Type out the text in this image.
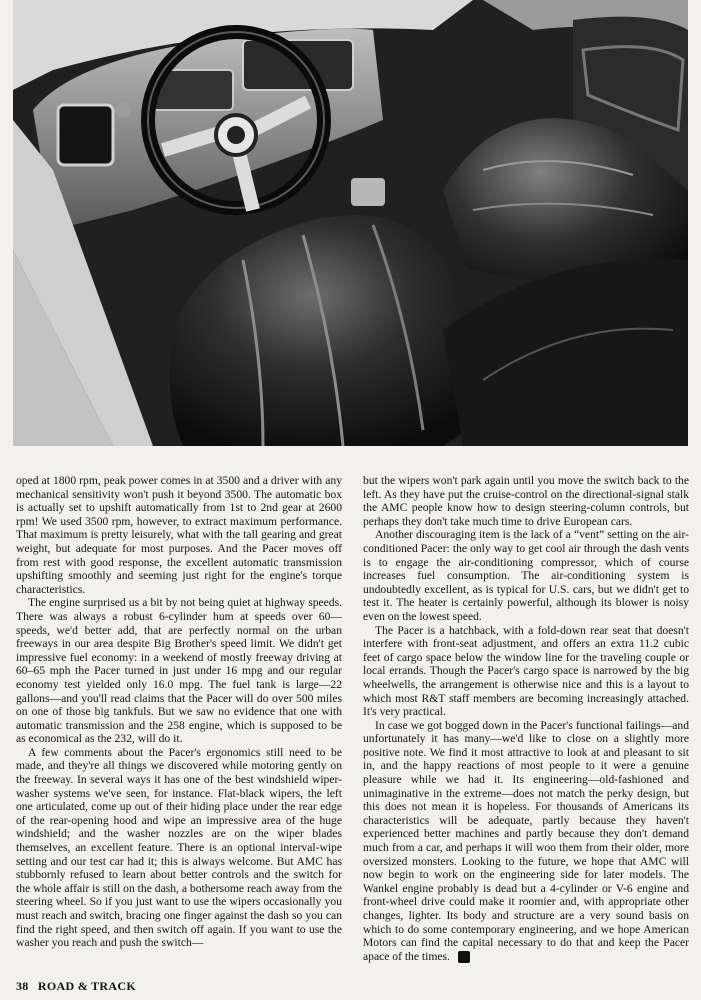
oped at 1800 rpm, peak power comes in at 3500 and a driver with any mechanical sensitivity won't push it beyond 3500. The automatic box is actually set to upshift automatically from 1st to 2nd gear at 2600 rpm! We used 3500 rpm, however, to extract maximum performance. That maximum is pretty leisurely, what with the tall gearing and great weight, but adequate for most purposes. And the Pacer moves off from rest with good response, the excellent automatic transmission upshifting smoothly and seeming just right for the engine's torque characteristics.

The engine surprised us a bit by not being quiet at highway speeds. There was always a robust 6-cylinder hum at speeds over 60— speeds, we'd better add, that are perfectly normal on the urban freeways in our area despite Big Brother's speed limit. We didn't get impressive fuel economy: in a weekend of mostly freeway driving at 60–65 mph the Pacer turned in just under 16 mpg and our regular economy test yielded only 16.0 mpg. The fuel tank is large—22 gallons—and you'll read claims that the Pacer will do over 500 miles on one of those big tankfuls. But we saw no evidence that one with automatic transmission and the 258 engine, which is supposed to be as economical as the 232, will do it.

A few comments about the Pacer's ergonomics still need to be made, and they're all things we discovered while motoring gently on the freeway. In several ways it has one of the best windshield wiper-washer systems we've seen, for instance. Flat-black wipers, the left one articulated, come up out of their hiding place under the rear edge of the rear-opening hood and wipe an impressive area of the huge windshield; and the washer nozzles are on the wiper blades themselves, an excellent feature. There is an optional interval-wipe setting and our test car had it; this is always welcome. But AMC has stubbornly refused to learn about better controls and the switch for the whole affair is still on the dash, a bothersome reach away from the steering wheel. So if you just want to use the wipers occasionally you must reach and switch, bracing one finger against the dash so you can find the right speed, and then switch off again. If you want to use the washer you reach and push the switch—

but the wipers won't park again until you move the switch back to the left. As they have put the cruise-control on the directional-signal stalk the AMC people know how to design steering-column controls, but perhaps they don't take much time to drive European cars.

Another discouraging item is the lack of a “vent” setting on the air-conditioned Pacer: the only way to get cool air through the dash vents is to engage the air-conditioning compressor, which of course increases fuel consumption. The air-conditioning system is undoubtedly excellent, as is typical for U.S. cars, but we didn't get to test it. The heater is certainly powerful, although its blower is noisy even on the lowest speed.

The Pacer is a hatchback, with a fold-down rear seat that doesn't interfere with front-seat adjustment, and offers an extra 11.2 cubic feet of cargo space below the window line for the traveling couple or local errands. Though the Pacer's cargo space is narrowed by the big wheelwells, the arrangement is otherwise nice and this is a layout to which most R&T staff members are becoming increasingly attached. It's very practical.

In case we got bogged down in the Pacer's functional failings—and unfortunately it has many—we'd like to close on a slightly more positive note. We find it most attractive to look at and pleasant to sit in, and the happy reactions of most people to it were a genuine pleasure while we had it. Its engineering—old-fashioned and unimaginative in the extreme—does not match the perky design, but this does not mean it is hopeless. For thousands of Americans its characteristics will be adequate, partly because they haven't experienced better machines and partly because they don't demand much from a car, and perhaps it will woo them from their older, more oversized monsters. Looking to the future, we hope that AMC will now begin to work on the engineering side for later models. The Wankel engine probably is dead but a 4-cylinder or V-6 engine and front-wheel drive could make it roomier and, with appropriate other changes, lighter. Its body and structure are a very sound basis on which to do some contemporary engineering, and we hope American Motors can find the capital necessary to do that and keep the Pacer apace of the times. R

38 ROAD & TRACK
